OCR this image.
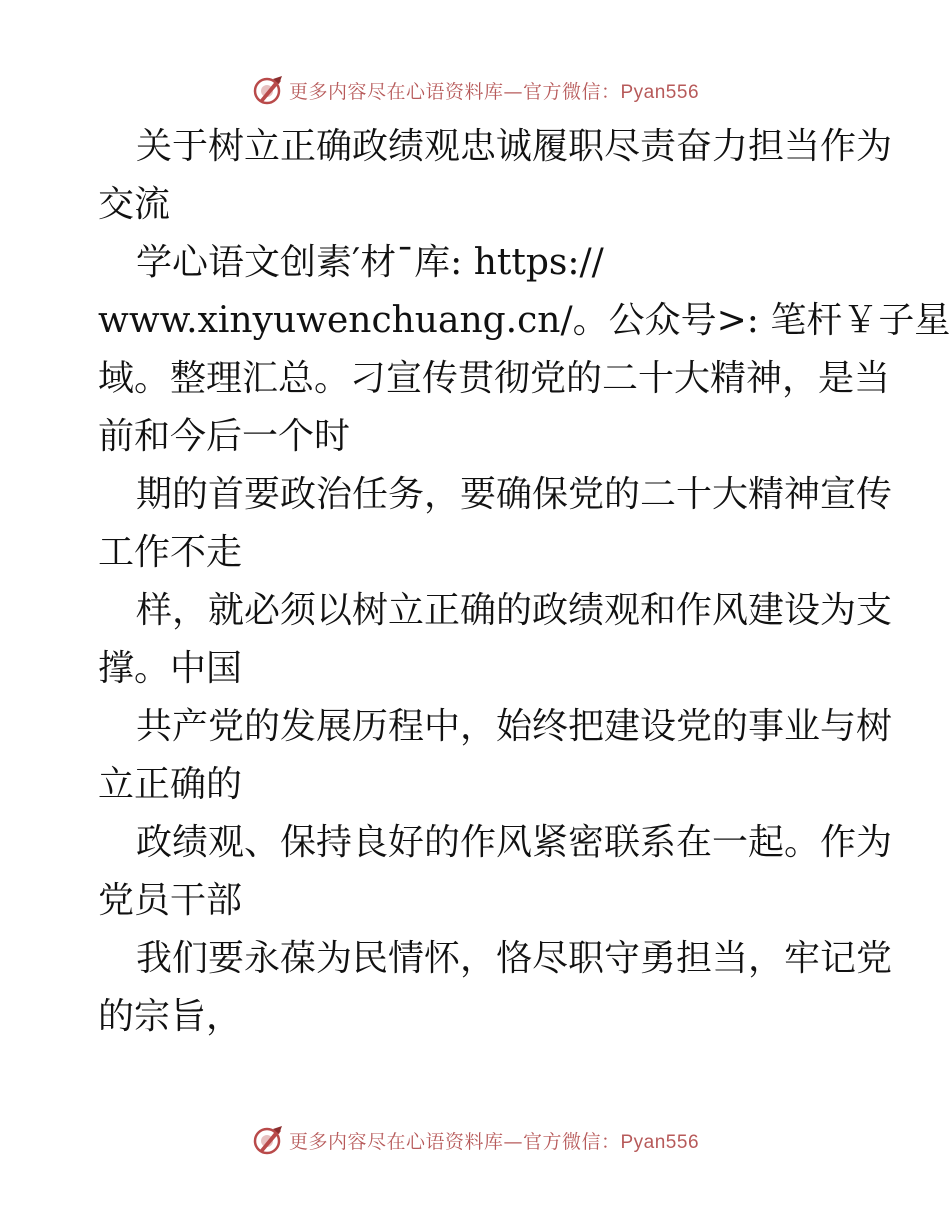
更多内容尽在心语资料库—官方微信：Pyan556
关于树立正确政绩观忠诚履职尽责奋力担当作为
交流
学心语文创素′材¯库: https://
www.xinyuwenchuang.cn/。公众号>: 笔杆￥子星
域。整理汇总。刁宣传贯彻党的二十大精神，是当
前和今后一个时
期的首要政治任务，要确保党的二十大精神宣传
工作不走
样，就必须以树立正确的政绩观和作风建设为支
撑。中国
共产党的发展历程中，始终把建设党的事业与树
立正确的
政绩观、保持良好的作风紧密联系在一起。作为
党员干部
我们要永葆为民情怀，恪尽职守勇担当，牢记党
的宗旨，
更多内容尽在心语资料库—官方微信：Pyan556
